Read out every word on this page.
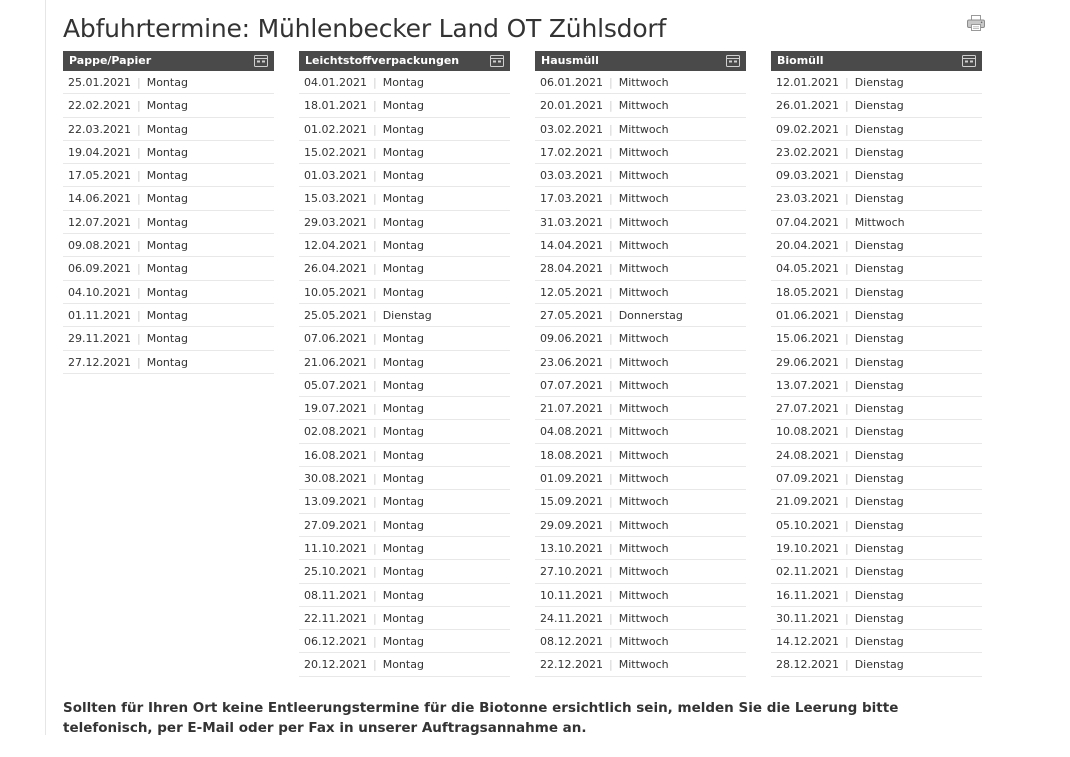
Abfuhrtermine: Mühlenbecker Land OT Zühlsdorf
Pappe/Papier
25.01.2021 | Montag
22.02.2021 | Montag
22.03.2021 | Montag
19.04.2021 | Montag
17.05.2021 | Montag
14.06.2021 | Montag
12.07.2021 | Montag
09.08.2021 | Montag
06.09.2021 | Montag
04.10.2021 | Montag
01.11.2021 | Montag
29.11.2021 | Montag
27.12.2021 | Montag
Leichtstoffverpackungen
04.01.2021 | Montag
18.01.2021 | Montag
01.02.2021 | Montag
15.02.2021 | Montag
01.03.2021 | Montag
15.03.2021 | Montag
29.03.2021 | Montag
12.04.2021 | Montag
26.04.2021 | Montag
10.05.2021 | Montag
25.05.2021 | Dienstag
07.06.2021 | Montag
21.06.2021 | Montag
05.07.2021 | Montag
19.07.2021 | Montag
02.08.2021 | Montag
16.08.2021 | Montag
30.08.2021 | Montag
13.09.2021 | Montag
27.09.2021 | Montag
11.10.2021 | Montag
25.10.2021 | Montag
08.11.2021 | Montag
22.11.2021 | Montag
06.12.2021 | Montag
20.12.2021 | Montag
Hausmüll
06.01.2021 | Mittwoch
20.01.2021 | Mittwoch
03.02.2021 | Mittwoch
17.02.2021 | Mittwoch
03.03.2021 | Mittwoch
17.03.2021 | Mittwoch
31.03.2021 | Mittwoch
14.04.2021 | Mittwoch
28.04.2021 | Mittwoch
12.05.2021 | Mittwoch
27.05.2021 | Donnerstag
09.06.2021 | Mittwoch
23.06.2021 | Mittwoch
07.07.2021 | Mittwoch
21.07.2021 | Mittwoch
04.08.2021 | Mittwoch
18.08.2021 | Mittwoch
01.09.2021 | Mittwoch
15.09.2021 | Mittwoch
29.09.2021 | Mittwoch
13.10.2021 | Mittwoch
27.10.2021 | Mittwoch
10.11.2021 | Mittwoch
24.11.2021 | Mittwoch
08.12.2021 | Mittwoch
22.12.2021 | Mittwoch
Biomüll
12.01.2021 | Dienstag
26.01.2021 | Dienstag
09.02.2021 | Dienstag
23.02.2021 | Dienstag
09.03.2021 | Dienstag
23.03.2021 | Dienstag
07.04.2021 | Mittwoch
20.04.2021 | Dienstag
04.05.2021 | Dienstag
18.05.2021 | Dienstag
01.06.2021 | Dienstag
15.06.2021 | Dienstag
29.06.2021 | Dienstag
13.07.2021 | Dienstag
27.07.2021 | Dienstag
10.08.2021 | Dienstag
24.08.2021 | Dienstag
07.09.2021 | Dienstag
21.09.2021 | Dienstag
05.10.2021 | Dienstag
19.10.2021 | Dienstag
02.11.2021 | Dienstag
16.11.2021 | Dienstag
30.11.2021 | Dienstag
14.12.2021 | Dienstag
28.12.2021 | Dienstag

Sollten für Ihren Ort keine Entleerungstermine für die Biotonne ersichtlich sein, melden Sie die Leerung bitte telefonisch, per E-Mail oder per Fax in unserer Auftragsannahme an.
